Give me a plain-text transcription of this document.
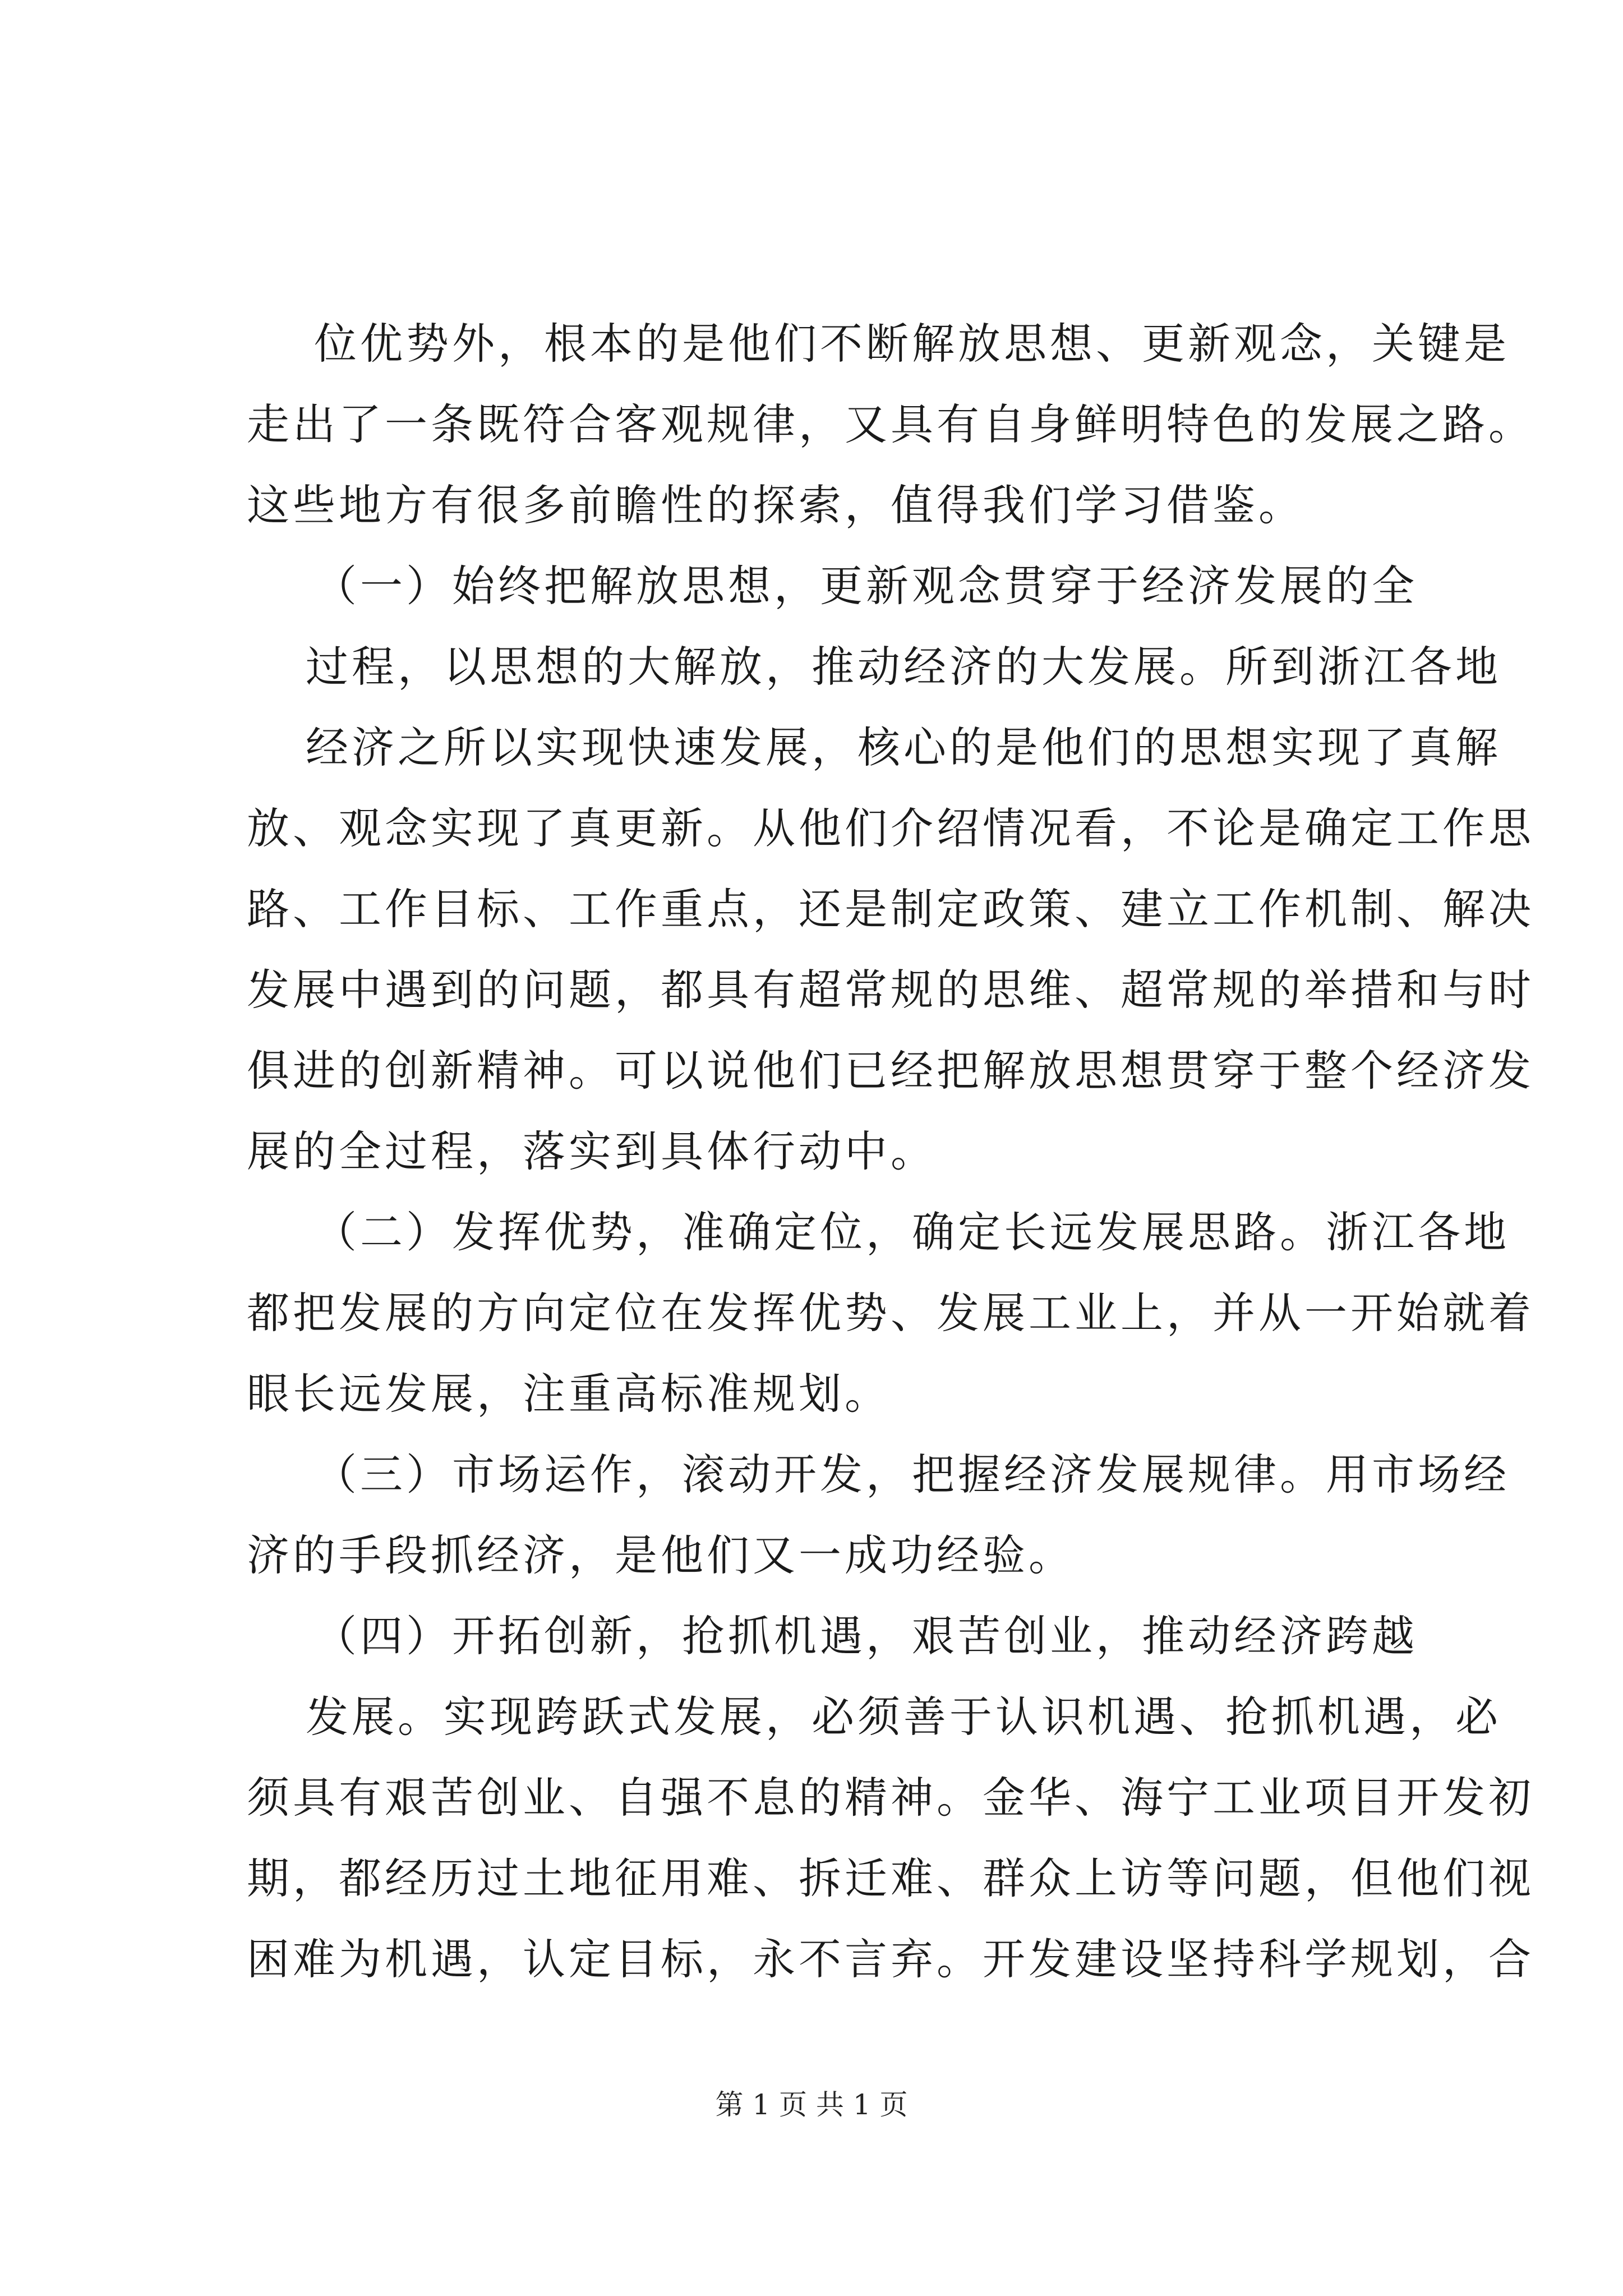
位优势外，根本的是他们不断解放思想、更新观念，关键是
走出了一条既符合客观规律，又具有自身鲜明特色的发展之路。
这些地方有很多前瞻性的探索，值得我们学习借鉴。
（一）始终把解放思想，更新观念贯穿于经济发展的全
过程，以思想的大解放，推动经济的大发展。所到浙江各地
经济之所以实现快速发展，核心的是他们的思想实现了真解
放、观念实现了真更新。从他们介绍情况看，不论是确定工作思
路、工作目标、工作重点，还是制定政策、建立工作机制、解决
发展中遇到的问题，都具有超常规的思维、超常规的举措和与时
俱进的创新精神。可以说他们已经把解放思想贯穿于整个经济发
展的全过程，落实到具体行动中。
（二）发挥优势，准确定位，确定长远发展思路。浙江各地
都把发展的方向定位在发挥优势、发展工业上，并从一开始就着
眼长远发展，注重高标准规划。
（三）市场运作，滚动开发，把握经济发展规律。用市场经
济的手段抓经济，是他们又一成功经验。
（四）开拓创新，抢抓机遇，艰苦创业，推动经济跨越
发展。实现跨跃式发展，必须善于认识机遇、抢抓机遇，必
须具有艰苦创业、自强不息的精神。金华、海宁工业项目开发初
期，都经历过土地征用难、拆迁难、群众上访等问题，但他们视
困难为机遇，认定目标，永不言弃。开发建设坚持科学规划，合
第 1 页 共 1 页
